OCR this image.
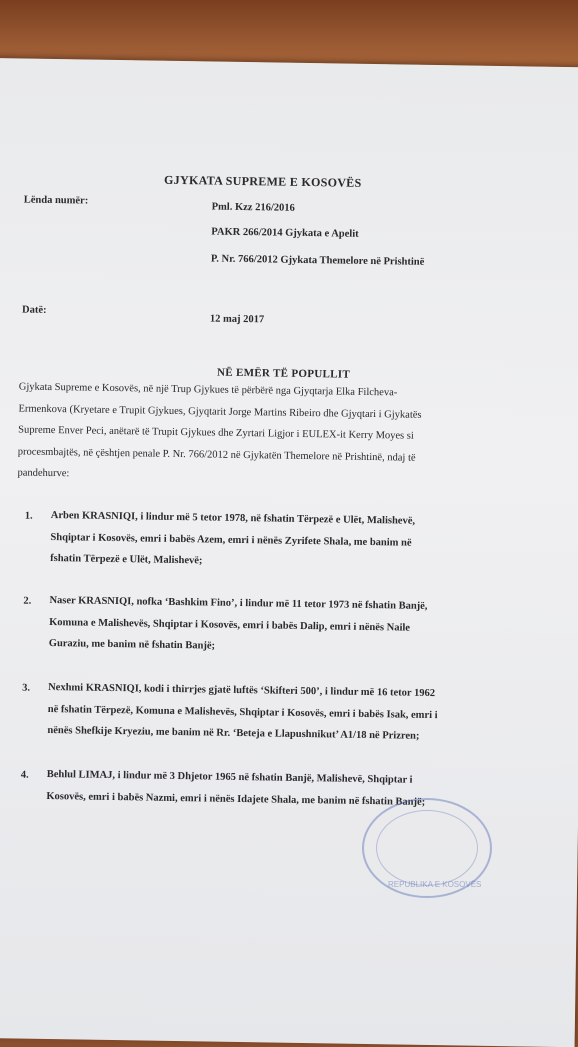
GJYKATA SUPREME E KOSOVËS
Lënda numër:
Pml. Kzz 216/2016
PAKR 266/2014 Gjykata e Apelit
P. Nr. 766/2012 Gjykata Themelore në Prishtinë
Datë:
12 maj 2017
NË EMËR TË POPULLIT
Gjykata Supreme e Kosovës, në një Trup Gjykues të përbërë nga Gjyqtarja Elka Filcheva-
Ermenkova (Kryetare e Trupit Gjykues, Gjyqtarit Jorge Martins Ribeiro dhe Gjyqtari i Gjykatës
Supreme Enver Peci, anëtarë të Trupit Gjykues dhe Zyrtari Ligjor i EULEX-it Kerry Moyes si
procesmbajtës, në çështjen penale P. Nr. 766/2012 në Gjykatën Themelore në Prishtinë, ndaj të
pandehurve:
1. Arben KRASNIQI, i lindur më 5 tetor 1978, në fshatin Tërpezë e Ulët, Malishevë,
Shqiptar i Kosovës, emri i babës Azem, emri i nënës Zyrifete Shala, me banim në
fshatin Tërpezë e Ulët, Malishevë;
2. Naser KRASNIQI, nofka ‘Bashkim Fino’, i lindur më 11 tetor 1973 në fshatin Banjë,
Komuna e Malishevës, Shqiptar i Kosovës, emri i babës Dalip, emri i nënës Naile
Guraziu, me banim në fshatin Banjë;
3. Nexhmi KRASNIQI, kodi i thirrjes gjatë luftës ‘Skifteri 500’, i lindur më 16 tetor 1962
në fshatin Tërpezë, Komuna e Malishevës, Shqiptar i Kosovës, emri i babës Isak, emri i
nënës Shefkije Kryeziu, me banim në Rr. ‘Beteja e Llapushnikut’ A1/18 në Prizren;
4. Behlul LIMAJ, i lindur më 3 Dhjetor 1965 në fshatin Banjë, Malishevë, Shqiptar i
Kosovës, emri i babës Nazmi, emri i nënës Idajete Shala, me banim në fshatin Banjë;
REPUBLIKA E KOSOVËS
